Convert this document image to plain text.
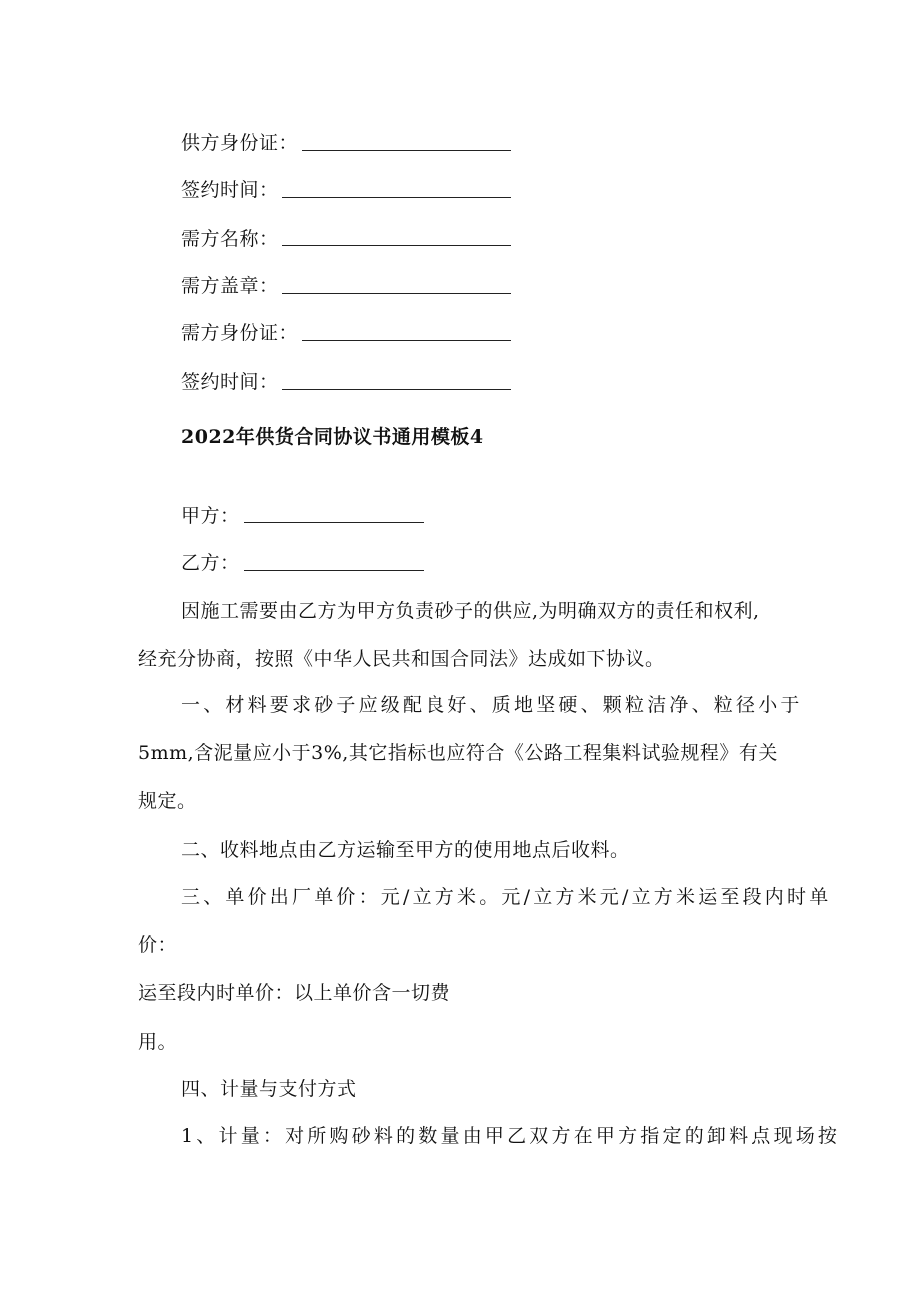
供方身份证：
签约时间：
需方名称：
需方盖章：
需方身份证：
签约时间：
2022年供货合同协议书通用模板4
甲方：
乙方：
因施工需要由乙方为甲方负责砂子的供应,为明确双方的责任和权利,
经充分协商，按照《中华人民共和国合同法》达成如下协议。
一、材料要求砂子应级配良好、质地坚硬、颗粒洁净、粒径小于
5mm,含泥量应小于3%,其它指标也应符合《公路工程集料试验规程》有关
规定。
二、收料地点由乙方运输至甲方的使用地点后收料。
三、单价出厂单价：元/立方米。元/立方米元/立方米运至段内时单
价：
运至段内时单价：以上单价含一切费
用。
四、计量与支付方式
1、计量：对所购砂料的数量由甲乙双方在甲方指定的卸料点现场按
